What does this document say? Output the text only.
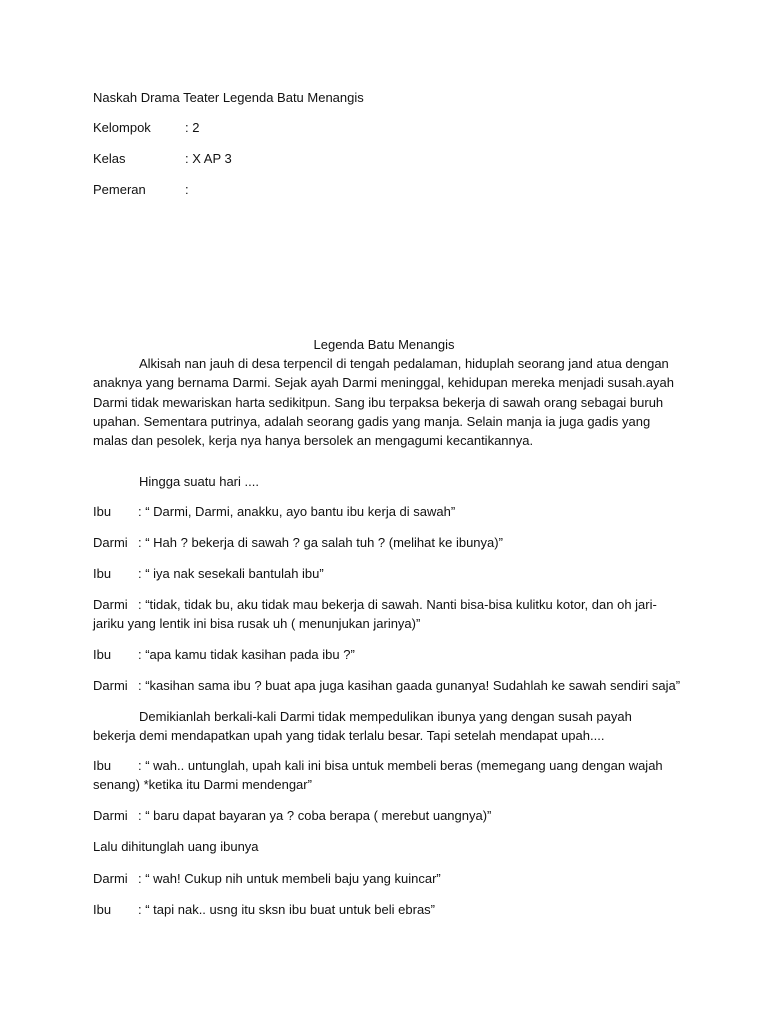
Naskah Drama Teater Legenda Batu Menangis
Kelompok	: 2
Kelas	: X AP 3
Pemeran	:
Legenda Batu Menangis
Alkisah nan jauh di desa terpencil di tengah pedalaman, hiduplah seorang jand atua dengan
anaknya yang bernama Darmi. Sejak ayah Darmi meninggal, kehidupan mereka menjadi susah.ayah
Darmi tidak mewariskan harta sedikitpun. Sang ibu terpaksa bekerja di sawah orang sebagai buruh
upahan. Sementara putrinya, adalah seorang gadis yang manja. Selain manja ia juga gadis yang
malas dan pesolek, kerja nya hanya bersolek an mengagumi kecantikannya.
Hingga suatu hari ....
Ibu : “ Darmi, Darmi, anakku, ayo bantu ibu kerja di sawah”
Darmi : “ Hah ? bekerja di sawah ? ga salah tuh ? (melihat ke ibunya)”
Ibu : “ iya nak sesekali bantulah ibu”
Darmi : “tidak, tidak bu, aku tidak mau bekerja di sawah. Nanti bisa-bisa kulitku kotor, dan oh jari-
jariku yang lentik ini bisa rusak uh ( menunjukan jarinya)”
Ibu : “apa kamu tidak kasihan pada ibu ?”
Darmi : “kasihan sama ibu ? buat apa juga kasihan gaada gunanya! Sudahlah ke sawah sendiri saja”
Demikianlah berkali-kali Darmi tidak mempedulikan ibunya yang dengan susah payah
bekerja demi mendapatkan upah yang tidak terlalu besar. Tapi setelah mendapat upah....
Ibu : “ wah.. untunglah, upah kali ini bisa untuk membeli beras (memegang uang dengan wajah
senang) *ketika itu Darmi mendengar”
Darmi : “ baru dapat bayaran ya ? coba berapa ( merebut uangnya)”
Lalu dihitunglah uang ibunya
Darmi : “ wah! Cukup nih untuk membeli baju yang kuincar”
Ibu : “ tapi nak.. usng itu sksn ibu buat untuk beli ebras”
